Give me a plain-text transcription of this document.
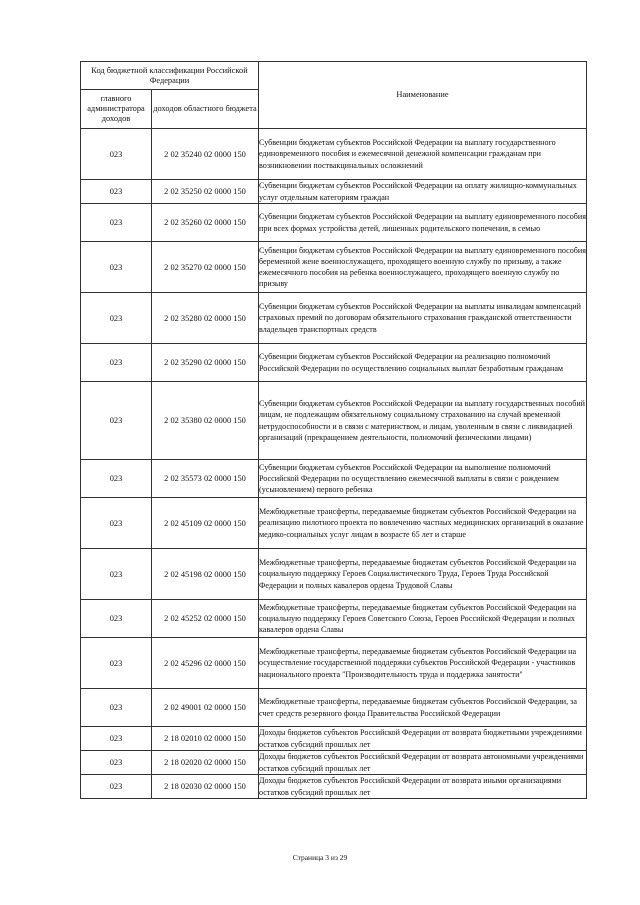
Код бюджетной классификации Российской Федерации		Наименование
главного администратора доходов	доходов областного бюджета	
023	2 02 35240 02 0000 150	Субвенции бюджетам субъектов Российской Федерации на выплату государственного единовременного пособия и ежемесячной денежной компенсации гражданам при возникновении поствакцинальных осложнений
023	2 02 35250 02 0000 150	Субвенции бюджетам субъектов Российской Федерации на оплату жилищно-коммунальных услуг отдельным категориям граждан
023	2 02 35260 02 0000 150	Субвенции бюджетам субъектов Российской Федерации на выплату единовременного пособия при всех формах устройства детей, лишенных родительского попечения, в семью
023	2 02 35270 02 0000 150	Субвенции бюджетам субъектов Российской Федерации на выплату единовременного пособия беременной жене военнослужащего, проходящего военную службу по призыву, а также ежемесячного пособия на ребенка военнослужащего, проходящего военную службу по призыву
023	2 02 35280 02 0000 150	Субвенции бюджетам субъектов Российской Федерации на выплаты инвалидам компенсаций страховых премий по договорам обязательного страхования гражданской ответственности владельцев транспортных средств
023	2 02 35290 02 0000 150	Субвенции бюджетам субъектов Российской Федерации на реализацию полномочий Российской Федерации по осуществлению социальных выплат безработным гражданам
023	2 02 35380 02 0000 150	Субвенции бюджетам субъектов Российской Федерации на выплату государственных пособий лицам, не подлежащим обязательному социальному страхованию на случай временной нетрудоспособности и в связи с материнством, и лицам, уволенным в связи с ликвидацией организаций (прекращением деятельности, полномочий физическими лицами)
023	2 02 35573 02 0000 150	Субвенции бюджетам субъектов Российской Федерации на выполнение полномочий Российской Федерации по осуществлению ежемесячной выплаты в связи с рождением (усыновлением) первого ребенка
023	2 02 45109 02 0000 150	Межбюджетные трансферты, передаваемые бюджетам субъектов Российской Федерации на реализацию пилотного проекта по вовлечению частных медицинских организаций в оказание медико-социальных услуг лицам в возрасте 65 лет и старше
023	2 02 45198 02 0000 150	Межбюджетные трансферты, передаваемые бюджетам субъектов Российской Федерации на социальную поддержку Героев Социалистического Труда, Героев Труда Российской Федерации и полных кавалеров ордена Трудовой Славы
023	2 02 45252 02 0000 150	Межбюджетные трансферты, передаваемые бюджетам субъектов Российской Федерации на социальную поддержку Героев Советского Союза, Героев Российской Федерации и полных кавалеров ордена Славы
023	2 02 45296 02 0000 150	Межбюджетные трансферты, передаваемые бюджетам субъектов Российской Федерации на осуществление государственной поддержки субъектов Российской Федерации - участников национального проекта "Производительность труда и поддержка занятости"
023	2 02 49001 02 0000 150	Межбюджетные трансферты, передаваемые бюджетам субъектов Российской Федерации, за счет средств резервного фонда Правительства Российской Федерации
023	2 18 02010 02 0000 150	Доходы бюджетов субъектов Российской Федерации от возврата бюджетными учреждениями остатков субсидий прошлых лет
023	2 18 02020 02 0000 150	Доходы бюджетов субъектов Российской Федерации от возврата автономными учреждениями остатков субсидий прошлых лет
023	2 18 02030 02 0000 150	Доходы бюджетов субъектов Российской Федерации от возврата иными организациями остатков субсидий прошлых лет
Страница 3 из 29
